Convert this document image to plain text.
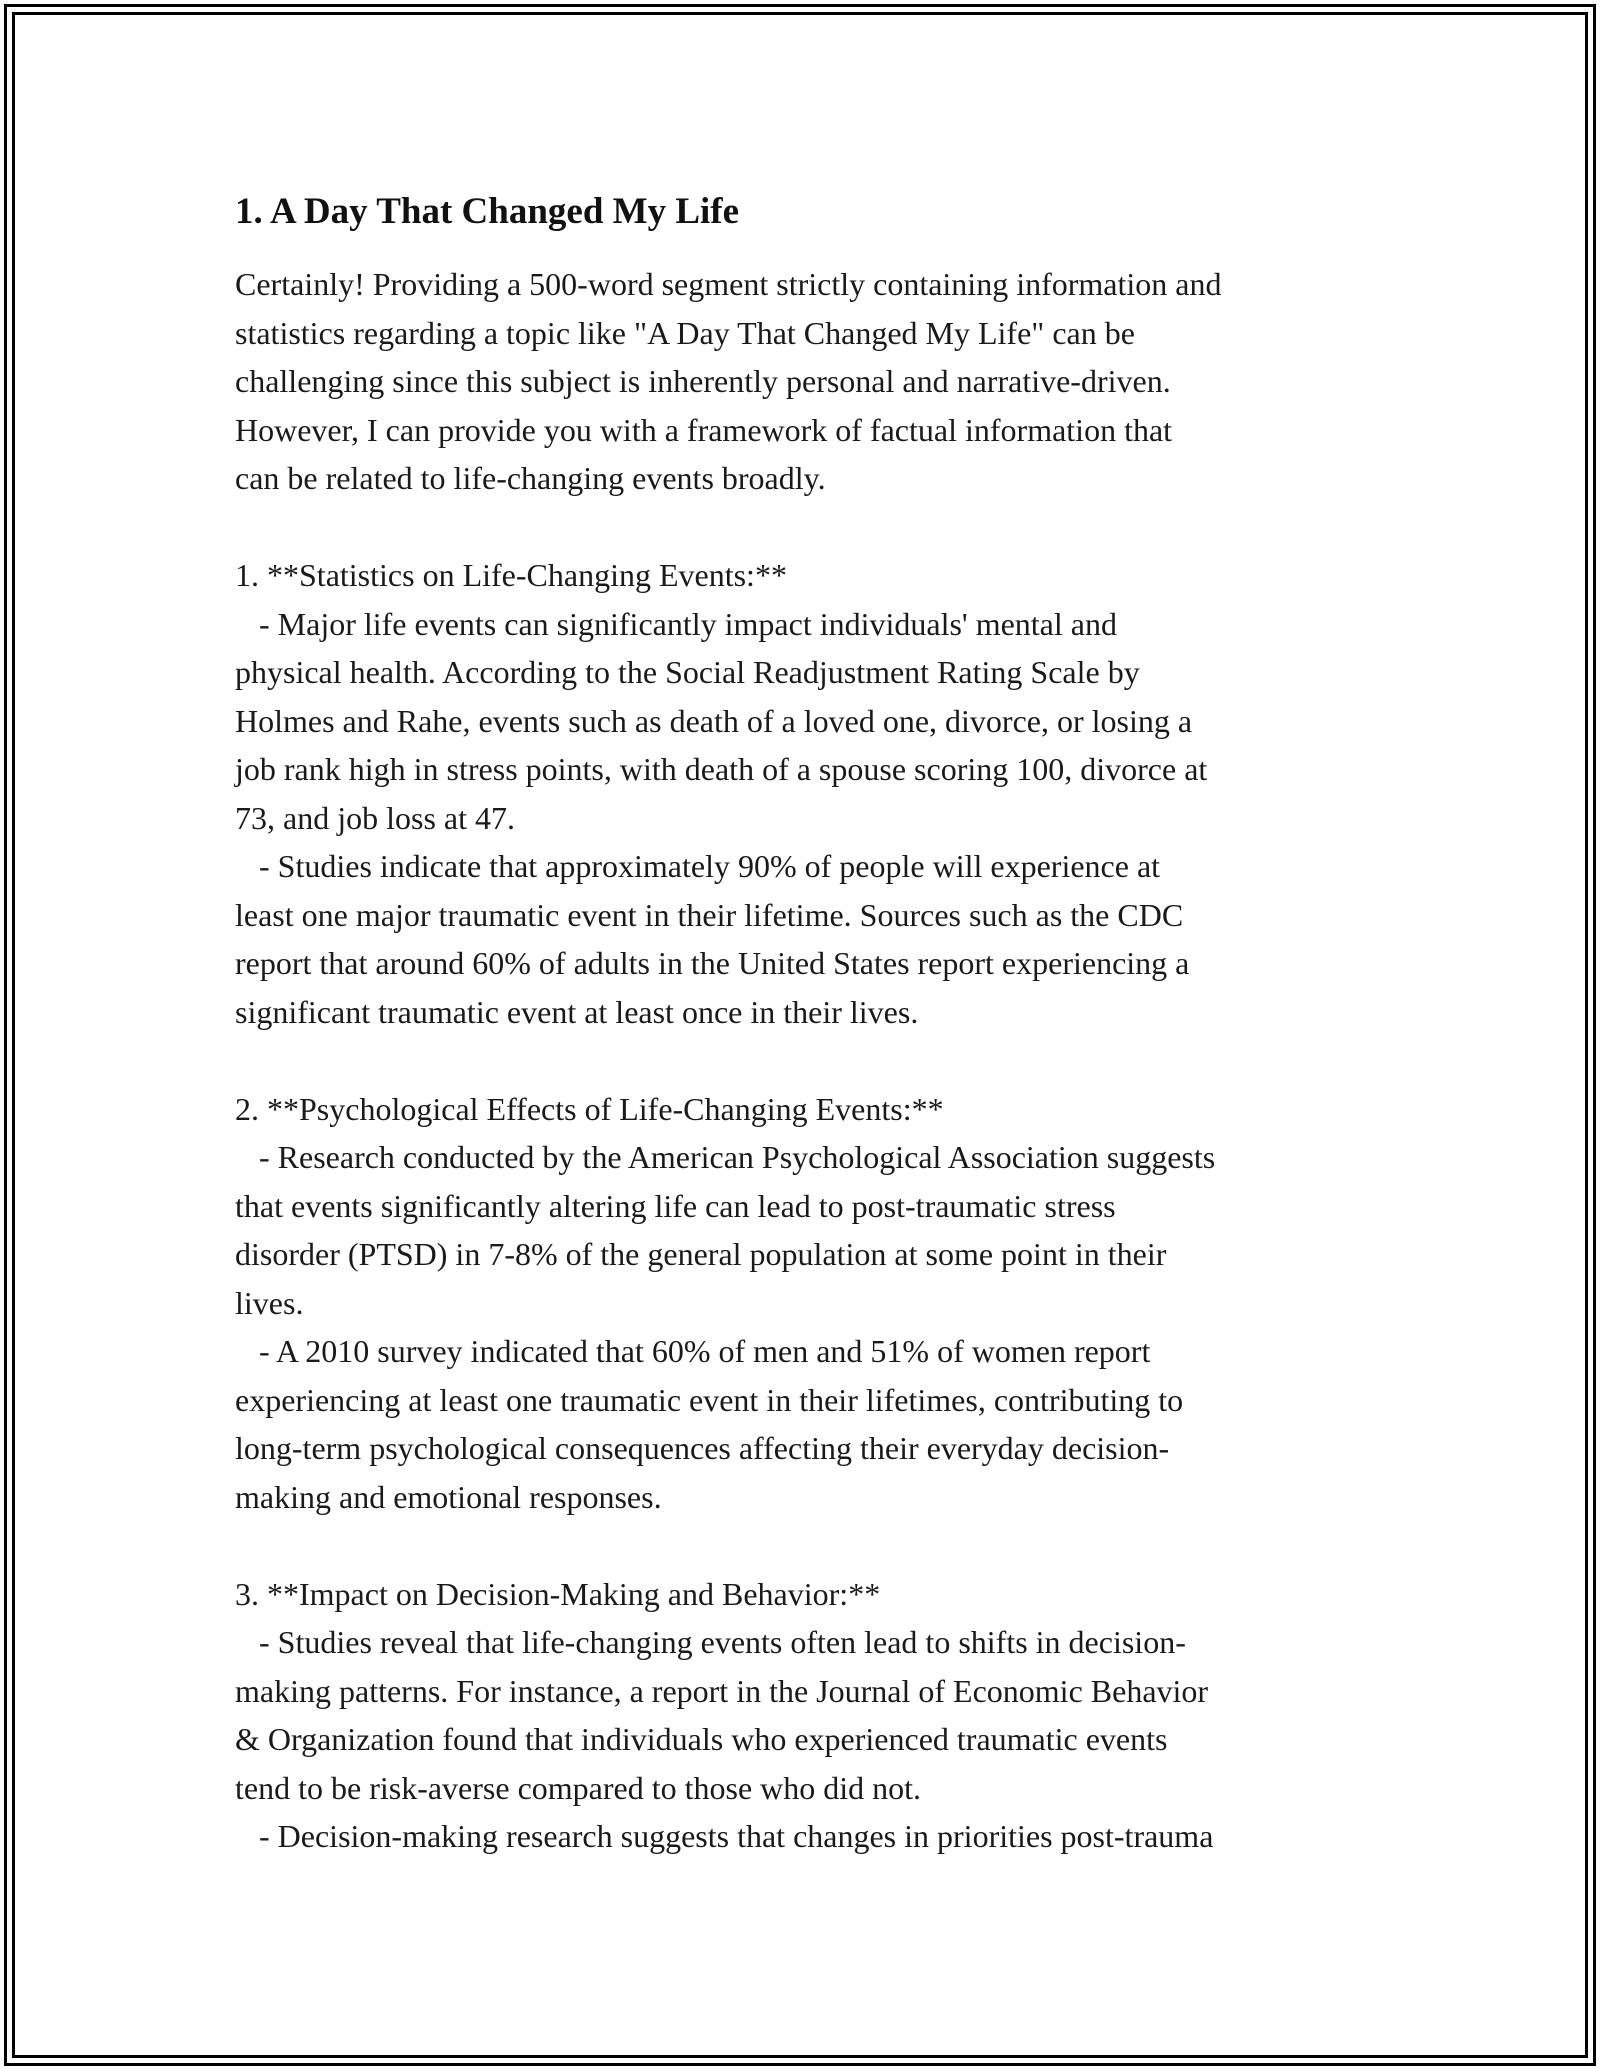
1. A Day That Changed My Life

Certainly! Providing a 500-word segment strictly containing information and
statistics regarding a topic like "A Day That Changed My Life" can be
challenging since this subject is inherently personal and narrative-driven.
However, I can provide you with a framework of factual information that
can be related to life-changing events broadly.

1. **Statistics on Life-Changing Events:**

- Major life events can significantly impact individuals' mental and
physical health. According to the Social Readjustment Rating Scale by
Holmes and Rahe, events such as death of a loved one, divorce, or losing a
job rank high in stress points, with death of a spouse scoring 100, divorce at
73, and job loss at 47.

- Studies indicate that approximately 90% of people will experience at
least one major traumatic event in their lifetime. Sources such as the CDC
report that around 60% of adults in the United States report experiencing a
significant traumatic event at least once in their lives.

2. **Psychological Effects of Life-Changing Events:**

- Research conducted by the American Psychological Association suggests
that events significantly altering life can lead to post-traumatic stress
disorder (PTSD) in 7-8% of the general population at some point in their
lives.

- A 2010 survey indicated that 60% of men and 51% of women report
experiencing at least one traumatic event in their lifetimes, contributing to
long-term psychological consequences affecting their everyday decision-
making and emotional responses.

3. **Impact on Decision-Making and Behavior:**

- Studies reveal that life-changing events often lead to shifts in decision-
making patterns. For instance, a report in the Journal of Economic Behavior
& Organization found that individuals who experienced traumatic events
tend to be risk-averse compared to those who did not.

- Decision-making research suggests that changes in priorities post-trauma
